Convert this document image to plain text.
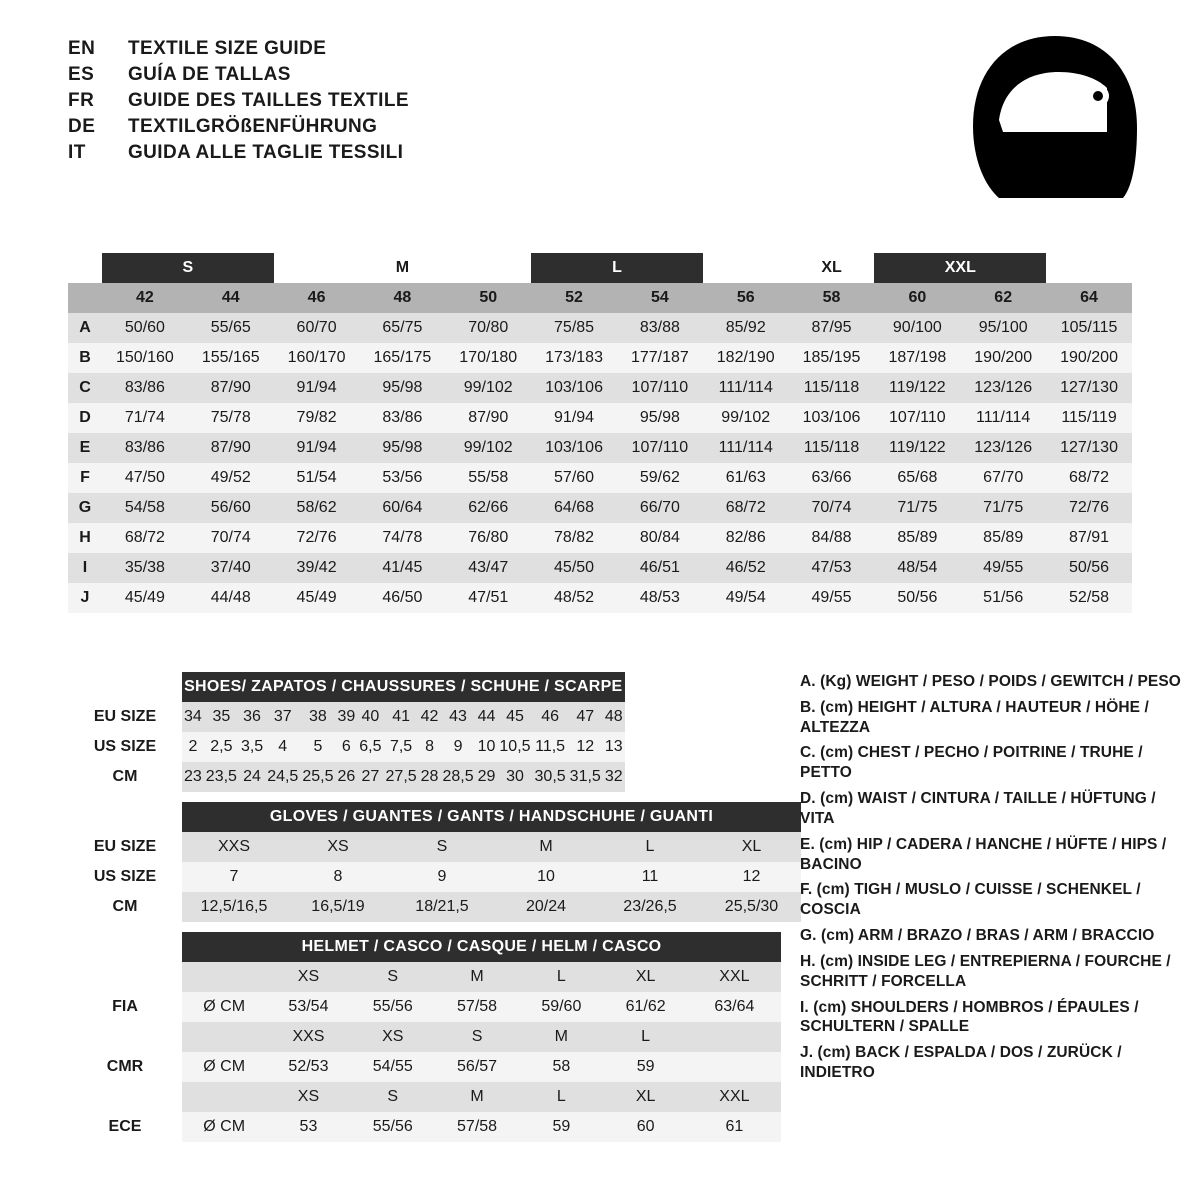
EN	TEXTILE SIZE GUIDE
ES	GUÍA DE TALLAS
FR	GUIDE DES TAILLES TEXTILE
DE	TEXTILGRÖßENFÜHRUNG
IT	GUIDA ALLE TAGLIE TESSILI
	S			M		L			XL	XXL		
	42	44	46	48	50	52	54	56	58	60	62	64
A	50/60	55/65	60/70	65/75	70/80	75/85	83/88	85/92	87/95	90/100	95/100	105/115
B	150/160	155/165	160/170	165/175	170/180	173/183	177/187	182/190	185/195	187/198	190/200	190/200
C	83/86	87/90	91/94	95/98	99/102	103/106	107/110	111/114	115/118	119/122	123/126	127/130
D	71/74	75/78	79/82	83/86	87/90	91/94	95/98	99/102	103/106	107/110	111/114	115/119
E	83/86	87/90	91/94	95/98	99/102	103/106	107/110	111/114	115/118	119/122	123/126	127/130
F	47/50	49/52	51/54	53/56	55/58	57/60	59/62	61/63	63/66	65/68	67/70	68/72
G	54/58	56/60	58/62	60/64	62/66	64/68	66/70	68/72	70/74	71/75	71/75	72/76
H	68/72	70/74	72/76	74/78	76/80	78/82	80/84	82/86	84/88	85/89	85/89	87/91
I	35/38	37/40	39/42	41/45	43/47	45/50	46/51	46/52	47/53	48/54	49/55	50/56
J	45/49	44/48	45/49	46/50	47/51	48/52	48/53	49/54	49/55	50/56	51/56	52/58
	SHOES/ ZAPATOS / CHAUSSURES / SCHUHE / SCARPE														
EU SIZE	34	35	36	37	38	39	40	41	42	43	44	45	46	47	48
US SIZE	2	2,5	3,5	4	5	6	6,5	7,5	8	9	10	10,5	11,5	12	13
CM	23	23,5	24	24,5	25,5	26	27	27,5	28	28,5	29	30	30,5	31,5	32
	GLOVES / GUANTES / GANTS / HANDSCHUHE / GUANTI					
EU SIZE	XXS	XS	S	M	L	XL
US SIZE	7	8	9	10	11	12
CM	12,5/16,5	16,5/19	18/21,5	20/24	23/26,5	25,5/30
	HELMET / CASCO / CASQUE / HELM / CASCO						
		XS	S	M	L	XL	XXL
FIA	Ø CM	53/54	55/56	57/58	59/60	61/62	63/64
		XXS	XS	S	M	L	
CMR	Ø CM	52/53	54/55	56/57	58	59	
		XS	S	M	L	XL	XXL
ECE	Ø CM	53	55/56	57/58	59	60	61

A. (Kg) WEIGHT / PESO / POIDS / GEWITCH / PESO

B. (cm) HEIGHT / ALTURA / HAUTEUR / HÖHE / ALTEZZA

C. (cm) CHEST / PECHO / POITRINE / TRUHE / PETTO

D. (cm) WAIST / CINTURA / TAILLE / HÜFTUNG / VITA

E. (cm) HIP / CADERA / HANCHE / HÜFTE / HIPS / BACINO

F. (cm) TIGH / MUSLO / CUISSE / SCHENKEL / COSCIA

G. (cm) ARM / BRAZO / BRAS / ARM / BRACCIO

H. (cm) INSIDE LEG / ENTREPIERNA / FOURCHE / SCHRITT / FORCELLA

I. (cm) SHOULDERS / HOMBROS / ÉPAULES / SCHULTERN / SPALLE

J. (cm) BACK / ESPALDA / DOS / ZURÜCK / INDIETRO
